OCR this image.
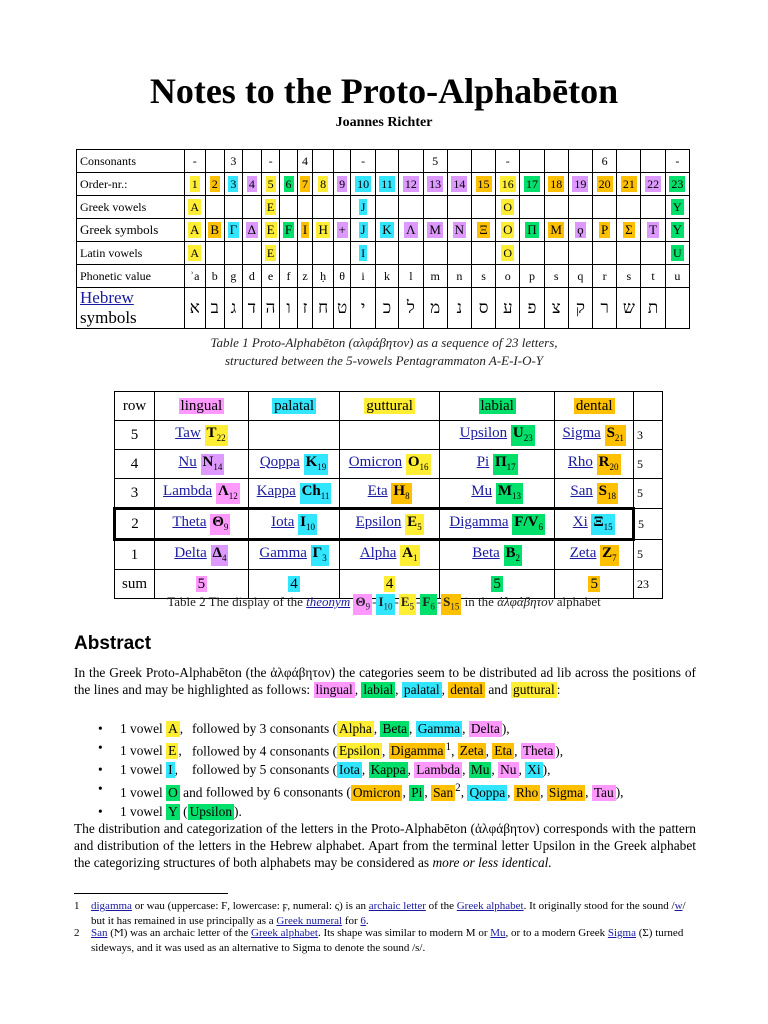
Notes to the Proto-Alphabēton
Joannes Richter
Consonants	-		3		-		4			-			5			-				6			-
Order-nr.:	1	2	3	4	5	6	7	8	9	10	11	12	13	14	15	16	17	18	19	20	21	22	23
Greek vowels	A				E					J						O							Y
Greek symbols	A	B	Γ	Δ	E	F	I	H	+	J	K	Λ	M	N	Ξ	O	Π	M	ϙ	P	Σ	T	Y
Latin vowels	A				E					I						O							U
Phonetic value	ʾa	b	g	d	e	f	z	ḥ	θ	i	k	l	m	n	s	o	p	s	q	r	s	t	u
Hebrew symbols	א	ב	ג	ד	ה	ו	ז	ח	ט	י	כ	ל	מ	נ	ס	ע	פ	צ	ק	ר	ש	ת	
Table 1 Proto-Alphabēton (αλφάβητον) as a sequence of 23 letters,
structured between the 5-vowels Pentagrammaton A-E-I-O-Y
row	lingual	palatal	guttural	labial	dental	
5	Taw $T_{22}$			Upsilon $U_{23}$	Sigma $S_{21}$	3
4	Nu $N_{14}$	Qoppa $K_{19}$	Omicron $O_{16}$	Pi $\Pi_{17}$	Rho $R_{20}$	5
3	Lambda $\Lambda_{12}$	Kappa $Ch_{11}$	Eta $H_8$	Mu $M_{13}$	San $S_{18}$	5
2	Theta $\Theta_9$	Iota $I_{10}$	Epsilon $E_5$	Digamma $F/V_6$	Xi $\Xi_{15}$	5
1	Delta $\Delta_4$	Gamma $\Gamma_3$	Alpha $A_1$	Beta $B_2$	Zeta $Z_7$	5
sum	5	4	4	5	5	23
Table 2 The display of the theonym $\Theta_9 - I_{10} - E_5 - F_6 - S_{15}$ in the ἀλφάβητον alphabet
Abstract
In the Greek Proto-Alphabēton (the ἀλφάβητον) the categories seem to be distributed ad lib across the positions of the lines and may be highlighted as follows: lingual , labial , palatal , dental and guttural :
• 1 vowel A , followed by 3 consonants ( Alpha , Beta , Gamma , Delta ),
• 1 vowel E , followed by 4 consonants ( Epsilon , Digamma $^1$, Zeta , Eta , Theta ),
• 1 vowel I , followed by 5 consonants ( Iota , Kappa , Lambda , Mu , Nu , Xi ),
• 1 vowel O and followed by 6 consonants ( Omicron , Pi , San $^2$, Qoppa , Rho , Sigma , Tau ),
• 1 vowel Y ( Upsilon ).
The distribution and categorization of the letters in the Proto-Alphabēton (ἀλφάβητον) corresponds with the pattern and distribution of the letters in the Hebrew alphabet. Apart from the terminal letter Upsilon in the Greek alphabet the categorizing structures of both alphabets may be considered as more or less identical.
1 digamma or wau (uppercase: Ϝ, lowercase: ϝ, numeral: ς) is an archaic letter of the Greek alphabet. It originally stood for the sound /w/ but it has remained in use principally as a Greek numeral for 6.
2 San (Ϻ) was an archaic letter of the Greek alphabet. Its shape was similar to modern M or Mu, or to a modern Greek Sigma (Σ) turned sideways, and it was used as an alternative to Sigma to denote the sound /s/.
